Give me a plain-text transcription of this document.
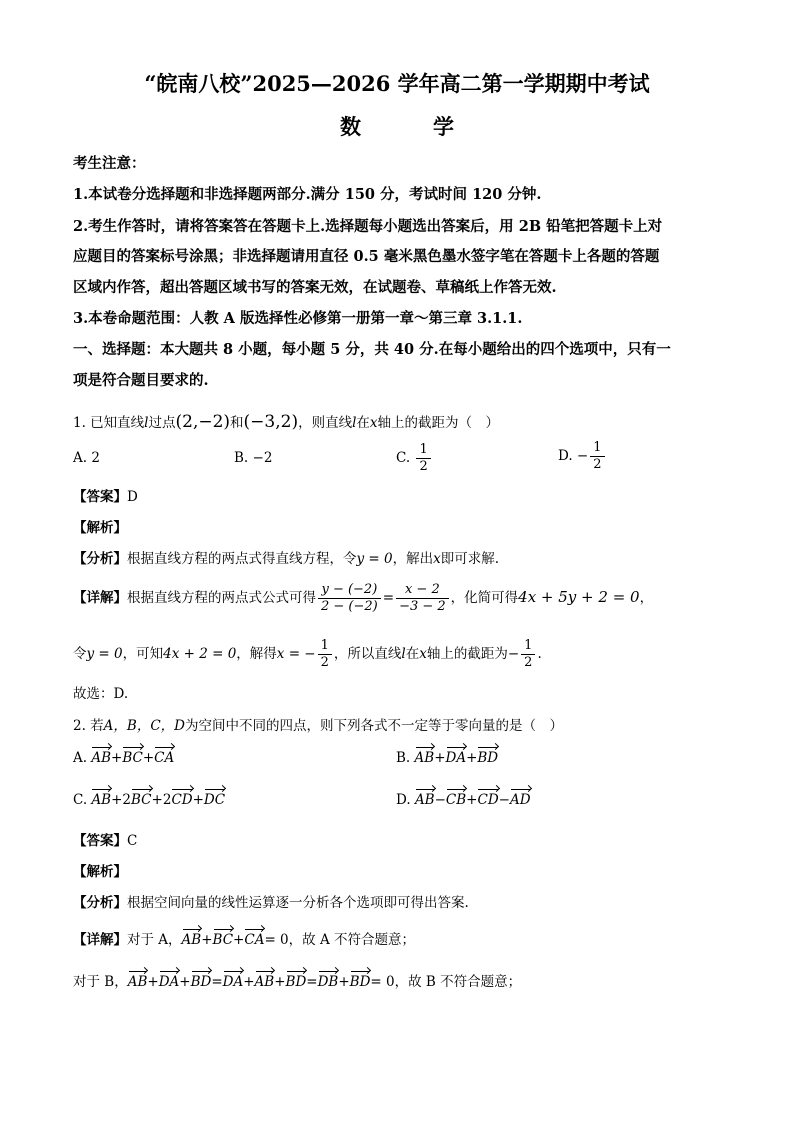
“皖南八校”2025—2026 学年高二第一学期期中考试
数	学
考生注意：
1.本试卷分选择题和非选择题两部分.满分 150 分，考试时间 120 分钟.
2.考生作答时，请将答案答在答题卡上.选择题每小题选出答案后，用 2B 铅笔把答题卡上对
应题目的答案标号涂黑；非选择题请用直径 0.5 毫米黑色墨水签字笔在答题卡上各题的答题
区域内作答，超出答题区域书写的答案无效，在试题卷、草稿纸上作答无效.
3.本卷命题范围：人教 A 版选择性必修第一册第一章～第三章 3.1.1.
一、选择题：本大题共 8 小题，每小题 5 分，共 40 分.在每小题给出的四个选项中，只有一
项是符合题目要求的.
1. 已知直线l过点(2,−2)和(−3,2)，则直线l在x轴上的截距为（　）
A. 2	B. −2	C. $\frac{1}{2}$	D. − $\frac{1}{2}$
【答案】D
【解析】
【分析】根据直线方程的两点式得直线方程，令y = 0，解出x即可求解.
【详解】根据直线方程的两点式公式可得 $\frac{y - (-2)}{2 - (-2)} = \frac{x - 2}{-3 - 2}$ ，化简可得4x + 5y + 2 = 0，
令y = 0，可知4x + 2 = 0，解得x = − $\frac{1}{2}$ ，所以直线l在x轴上的截距为− $\frac{1}{2}$ .
故选：D.
2. 若A，B，C，D为空间中不同的四点，则下列各式不一定等于零向量的是（　）
A. AB+BC+CA	B. AB+DA+BD
C. AB+2BC+2CD+DC	D. AB−CB+CD−AD
【答案】C
【解析】
【分析】根据空间向量的线性运算逐一分析各个选项即可得出答案.
【详解】对于 A，AB+BC+CA= 0，故 A 不符合题意；
对于 B，AB+DA+BD=DA+AB+BD=DB+BD= 0，故 B 不符合题意；
